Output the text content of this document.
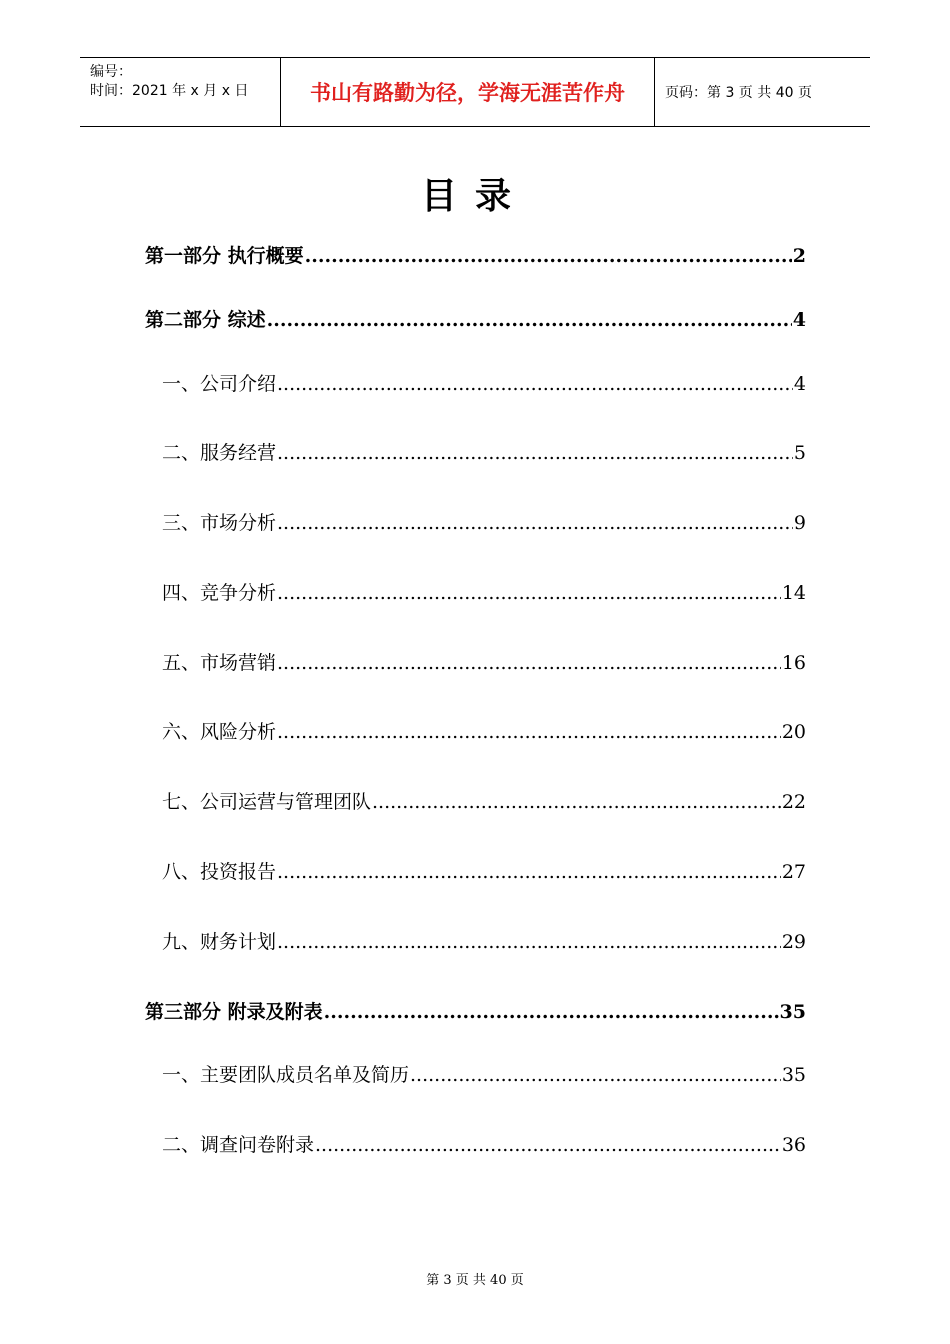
编号：
时间：2021 年 x 月 x 日	书山有路勤为径，学海无涯苦作舟	页码：第 3 页 共 40 页
目录
第一部分 执行概要 .....	2
第二部分 综述 .....	4
一、公司介绍 .....	4
二、服务经营 .....	5
三、市场分析 .....	9
四、竞争分析 .....	14
五、市场营销 .....	16
六、风险分析 .....	20
七、公司运营与管理团队 .....	22
八、投资报告 .....	27
九、财务计划 .....	29
第三部分 附录及附表 .....	35
一、主要团队成员名单及简历 .....	35
二、调查问卷附录 .....	36
第 3 页 共 40 页
